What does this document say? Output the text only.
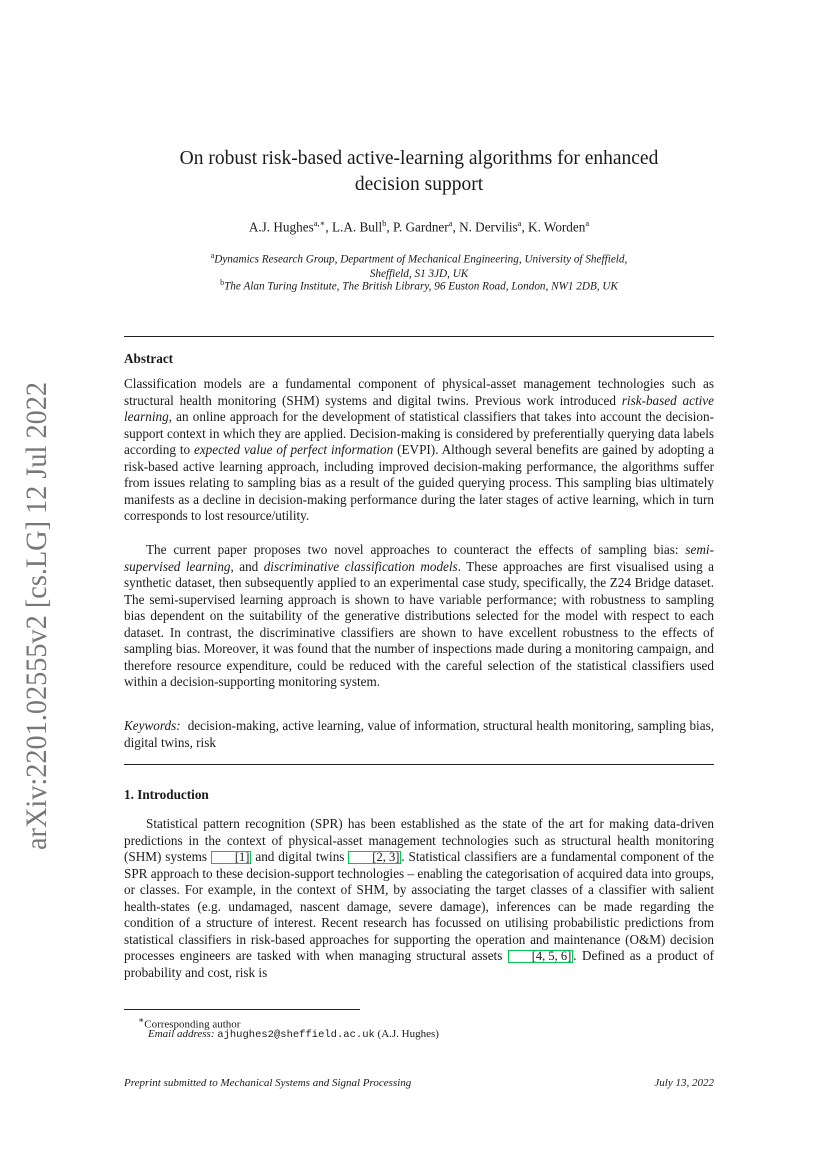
arXiv:2201.02555v2 [cs.LG] 12 Jul 2022
On robust risk-based active-learning algorithms for enhanced
decision support
A.J. Hughes$^{a,∗}$, L.A. Bull$^b$, P. Gardner$^a$, N. Dervilis$^a$, K. Worden$^a$
$^a$Dynamics Research Group, Department of Mechanical Engineering, University of Sheffield,
Sheffield, S1 3JD, UK
$^b$The Alan Turing Institute, The British Library, 96 Euston Road, London, NW1 2DB, UK
Abstract
Classification models are a fundamental component of physical-asset management technologies such as structural health monitoring (SHM) systems and digital twins. Previous work introduced risk-based active learning, an online approach for the development of statistical classifiers that takes into account the decision-support context in which they are applied. Decision-making is considered by preferentially querying data labels according to expected value of perfect information (EVPI). Although several benefits are gained by adopting a risk-based active learning approach, including improved decision-making performance, the algorithms suffer from issues relating to sampling bias as a result of the guided querying process. This sampling bias ultimately manifests as a decline in decision-making performance during the later stages of active learning, which in turn corresponds to lost resource/utility.
The current paper proposes two novel approaches to counteract the effects of sampling bias: semi-supervised learning, and discriminative classification models. These approaches are first visualised using a synthetic dataset, then subsequently applied to an experimental case study, specifically, the Z24 Bridge dataset. The semi-supervised learning approach is shown to have variable performance; with robustness to sampling bias dependent on the suitability of the generative distributions selected for the model with respect to each dataset. In contrast, the discriminative classifiers are shown to have excellent robustness to the effects of sampling bias. Moreover, it was found that the number of inspections made during a monitoring campaign, and therefore resource expenditure, could be reduced with the careful selection of the statistical classifiers used within a decision-supporting monitoring system.
Keywords: decision-making, active learning, value of information, structural health monitoring, sampling bias, digital twins, risk
1. Introduction
Statistical pattern recognition (SPR) has been established as the state of the art for making data-driven predictions in the context of physical-asset management technologies such as structural health monitoring (SHM) systems [1] and digital twins [2, 3] . Statistical classifiers are a fundamental component of the SPR approach to these decision-support technologies – enabling the categorisation of acquired data into groups, or classes. For example, in the context of SHM, by associating the target classes of a classifier with salient health-states (e.g. undamaged, nascent damage, severe damage), inferences can be made regarding the condition of a structure of interest. Recent research has focussed on utilising probabilistic predictions from statistical classifiers in risk-based approaches for supporting the operation and maintenance (O&M) decision processes engineers are tasked with when managing structural assets [4, 5, 6] . Defined as a product of probability and cost, risk is
∗Corresponding author
Email address: ajhughes2@sheffield.ac.uk (A.J. Hughes)
Preprint submitted to Mechanical Systems and Signal Processing	July 13, 2022
